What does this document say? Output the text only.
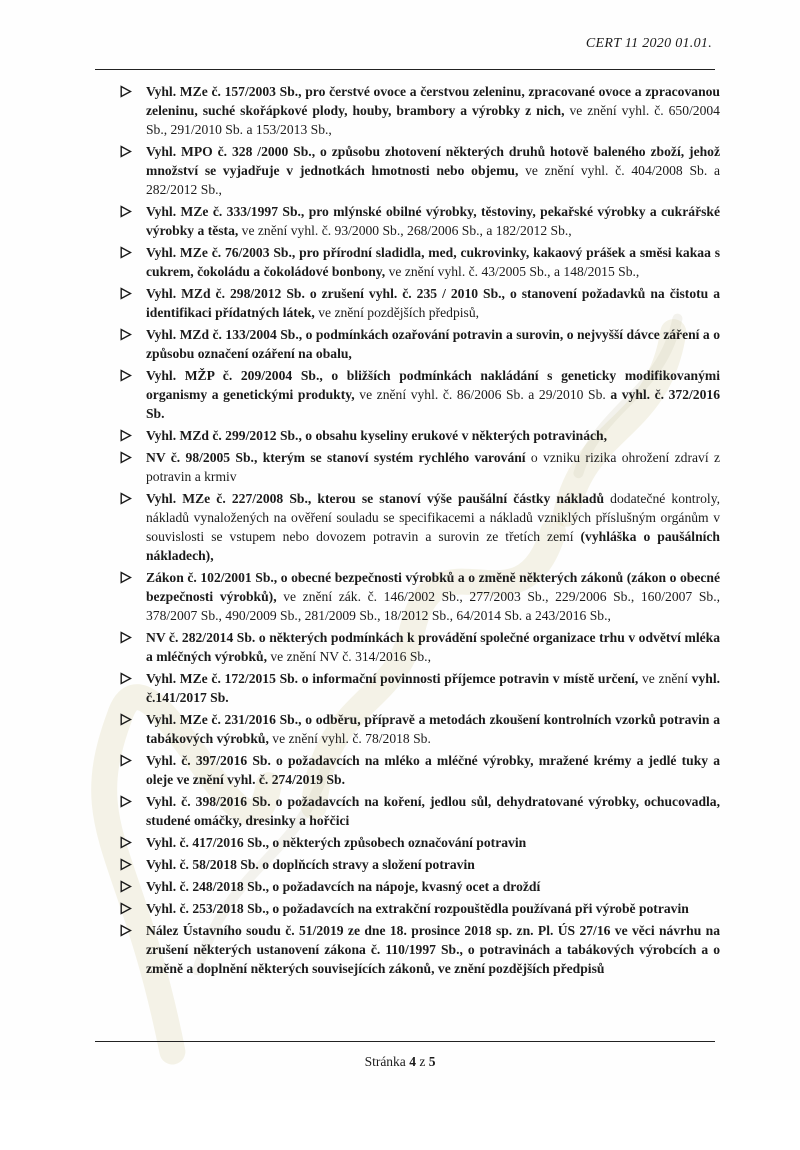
CERT 11 2020 01.01.
Vyhl. MZe č. 157/2003 Sb., pro čerstvé ovoce a čerstvou zeleninu, zpracované ovoce a zpracovanou zeleninu, suché skořápkové plody, houby, brambory a výrobky z nich, ve znění vyhl. č. 650/2004 Sb., 291/2010 Sb. a 153/2013 Sb.,
Vyhl. MPO č. 328 /2000 Sb., o způsobu zhotovení některých druhů hotově baleného zboží, jehož množství se vyjadřuje v jednotkách hmotnosti nebo objemu, ve znění vyhl. č. 404/2008 Sb. a 282/2012 Sb.,
Vyhl. MZe č. 333/1997 Sb., pro mlýnské obilné výrobky, těstoviny, pekařské výrobky a cukrářské výrobky a těsta, ve znění vyhl. č. 93/2000 Sb., 268/2006 Sb., a 182/2012 Sb.,
Vyhl. MZe č. 76/2003 Sb., pro přírodní sladidla, med, cukrovinky, kakaový prášek a směsi kakaa s cukrem, čokoládu a čokoládové bonbony, ve znění vyhl. č. 43/2005 Sb., a 148/2015 Sb.,
Vyhl. MZd č. 298/2012 Sb. o zrušení vyhl. č. 235 / 2010 Sb., o stanovení požadavků na čistotu a identifikaci přídatných látek, ve znění pozdějších předpisů,
Vyhl. MZd č. 133/2004 Sb., o podmínkách ozařování potravin a surovin, o nejvyšší dávce záření a o způsobu označení ozáření na obalu,
Vyhl. MŽP č. 209/2004 Sb., o bližších podmínkách nakládání s geneticky modifikovanými organismy a genetickými produkty, ve znění vyhl. č. 86/2006 Sb. a 29/2010 Sb. a vyhl. č. 372/2016 Sb.
Vyhl. MZd č. 299/2012 Sb., o obsahu kyseliny erukové v některých potravinách,
NV č. 98/2005 Sb., kterým se stanoví systém rychlého varování o vzniku rizika ohrožení zdraví z potravin a krmiv
Vyhl. MZe č. 227/2008 Sb., kterou se stanoví výše paušální částky nákladů dodatečné kontroly, nákladů vynaložených na ověření souladu se specifikacemi a nákladů vzniklých příslušným orgánům v souvislosti se vstupem nebo dovozem potravin a surovin ze třetích zemí (vyhláška o paušálních nákladech),
Zákon č. 102/2001 Sb., o obecné bezpečnosti výrobků a o změně některých zákonů (zákon o obecné bezpečnosti výrobků), ve znění zák. č. 146/2002 Sb., 277/2003 Sb., 229/2006 Sb., 160/2007 Sb., 378/2007 Sb., 490/2009 Sb., 281/2009 Sb., 18/2012 Sb., 64/2014 Sb. a 243/2016 Sb.,
NV č. 282/2014 Sb. o některých podmínkách k provádění společné organizace trhu v odvětví mléka a mléčných výrobků, ve znění NV č. 314/2016 Sb.,
Vyhl. MZe č. 172/2015 Sb. o informační povinnosti příjemce potravin v místě určení, ve znění vyhl. č.141/2017 Sb.
Vyhl. MZe č. 231/2016 Sb., o odběru, přípravě a metodách zkoušení kontrolních vzorků potravin a tabákových výrobků, ve znění vyhl. č. 78/2018 Sb.
Vyhl. č. 397/2016 Sb. o požadavcích na mléko a mléčné výrobky, mražené krémy a jedlé tuky a oleje ve znění vyhl. č. 274/2019 Sb.
Vyhl. č. 398/2016 Sb. o požadavcích na koření, jedlou sůl, dehydratované výrobky, ochucovadla, studené omáčky, dresinky a hořčici
Vyhl. č. 417/2016 Sb., o některých způsobech označování potravin
Vyhl. č. 58/2018 Sb. o doplňcích stravy a složení potravin
Vyhl. č. 248/2018 Sb., o požadavcích na nápoje, kvasný ocet a droždí
Vyhl. č. 253/2018 Sb., o požadavcích na extrakční rozpouštědla používaná při výrobě potravin
Nález Ústavního soudu č. 51/2019 ze dne 18. prosince 2018 sp. zn. Pl. ÚS 27/16 ve věci návrhu na zrušení některých ustanovení zákona č. 110/1997 Sb., o potravinách a tabákových výrobcích a o změně a doplnění některých souvisejících zákonů, ve znění pozdějších předpisů
Stránka 4 z 5
